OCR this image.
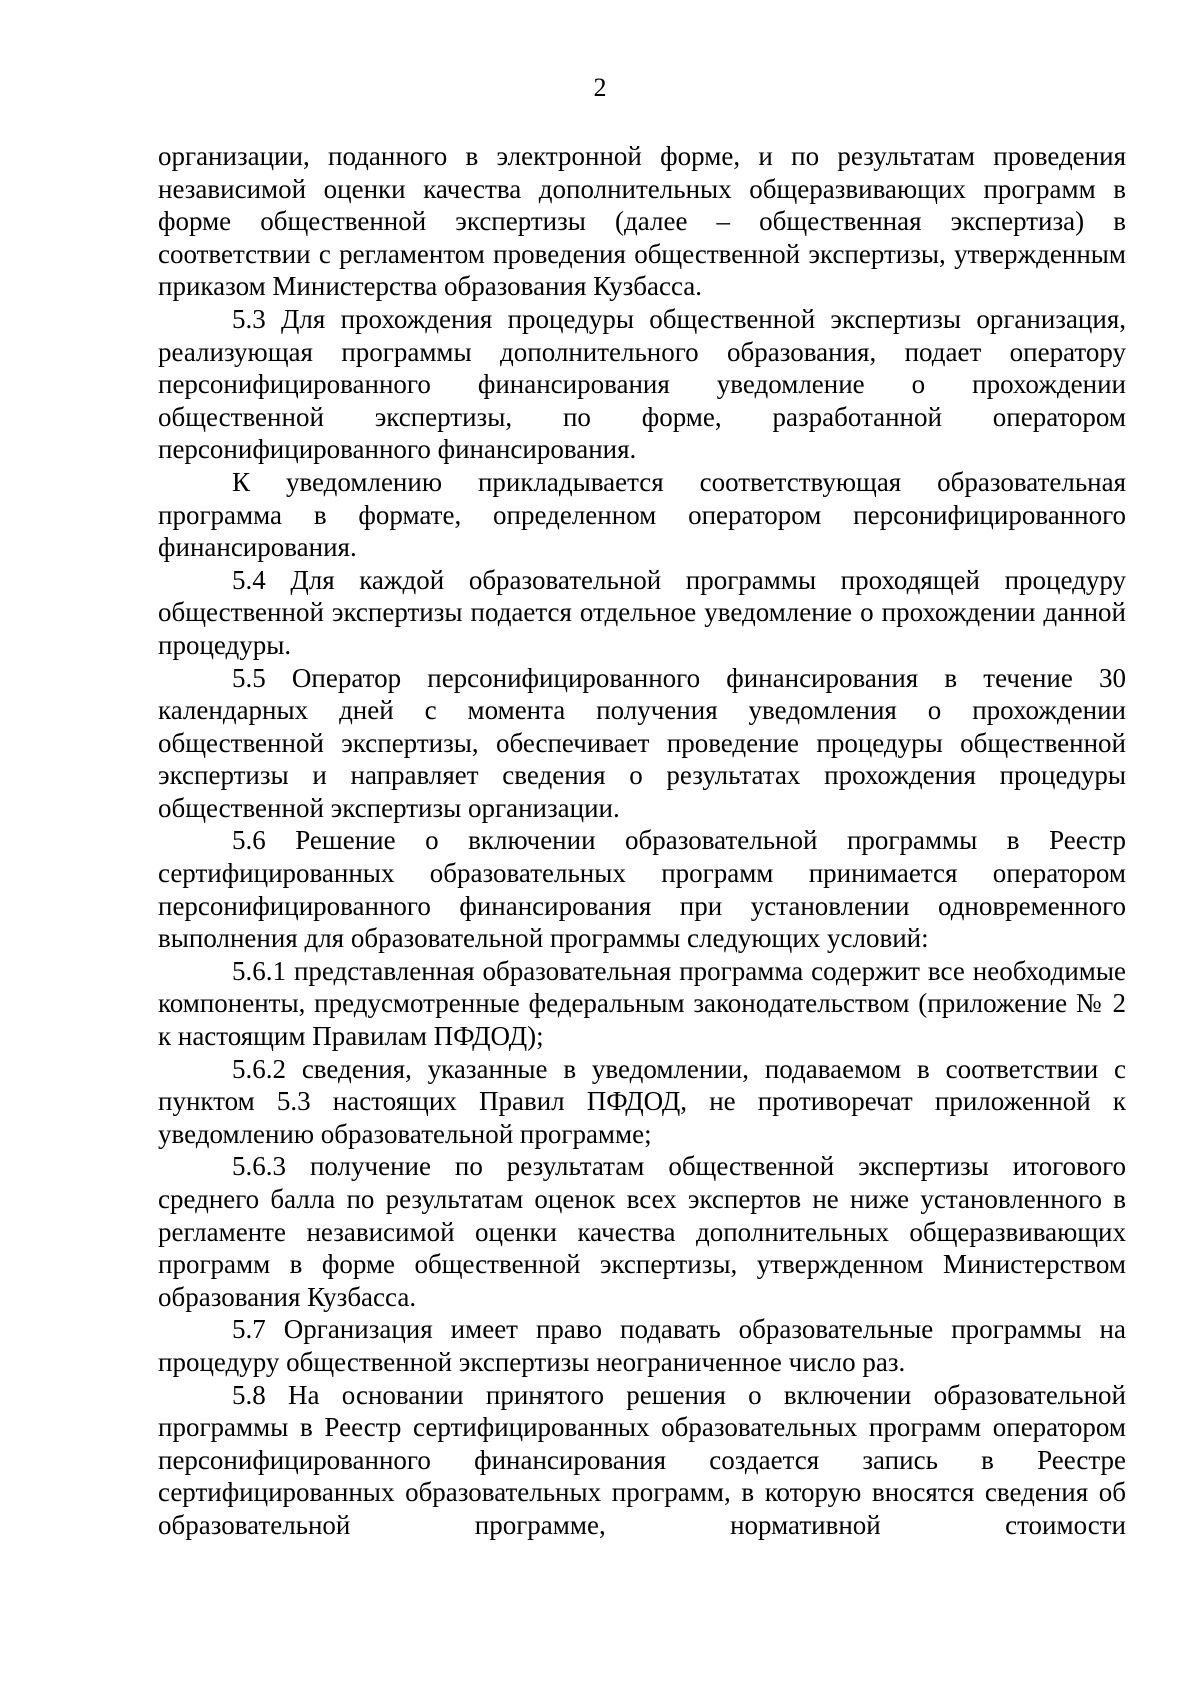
2

организации, поданного в электронной форме, и по результатам проведения независимой оценки качества дополнительных общеразвивающих программ в форме общественной экспертизы (далее – общественная экспертиза) в соответствии с регламентом проведения общественной экспертизы, утвержденным приказом Министерства образования Кузбасса.

5.3 Для прохождения процедуры общественной экспертизы организация, реализующая программы дополнительного образования, подает оператору персонифицированного финансирования уведомление о прохождении общественной экспертизы, по форме, разработанной оператором персонифицированного финансирования.

К уведомлению прикладывается соответствующая образовательная программа в формате, определенном оператором персонифицированного финансирования.

5.4 Для каждой образовательной программы проходящей процедуру общественной экспертизы подается отдельное уведомление о прохождении данной процедуры.

5.5 Оператор персонифицированного финансирования в течение 30 календарных дней с момента получения уведомления о прохождении общественной экспертизы, обеспечивает проведение процедуры общественной экспертизы и направляет сведения о результатах прохождения процедуры общественной экспертизы организации.

5.6 Решение о включении образовательной программы в Реестр сертифицированных образовательных программ принимается оператором персонифицированного финансирования при установлении одновременного выполнения для образовательной программы следующих условий:

5.6.1 представленная образовательная программа содержит все необходимые компоненты, предусмотренные федеральным законодательством (приложение № 2 к настоящим Правилам ПФДОД);

5.6.2 сведения, указанные в уведомлении, подаваемом в соответствии с пунктом 5.3 настоящих Правил ПФДОД, не противоречат приложенной к уведомлению образовательной программе;

5.6.3 получение по результатам общественной экспертизы итогового среднего балла по результатам оценок всех экспертов не ниже установленного в регламенте независимой оценки качества дополнительных общеразвивающих программ в форме общественной экспертизы, утвержденном Министерством образования Кузбасса.

5.7 Организация имеет право подавать образовательные программы на процедуру общественной экспертизы неограниченное число раз.

5.8 На основании принятого решения о включении образовательной программы в Реестр сертифицированных образовательных программ оператором персонифицированного финансирования создается запись в Реестре сертифицированных образовательных программ, в которую вносятся сведения об образовательной программе, нормативной стоимости
